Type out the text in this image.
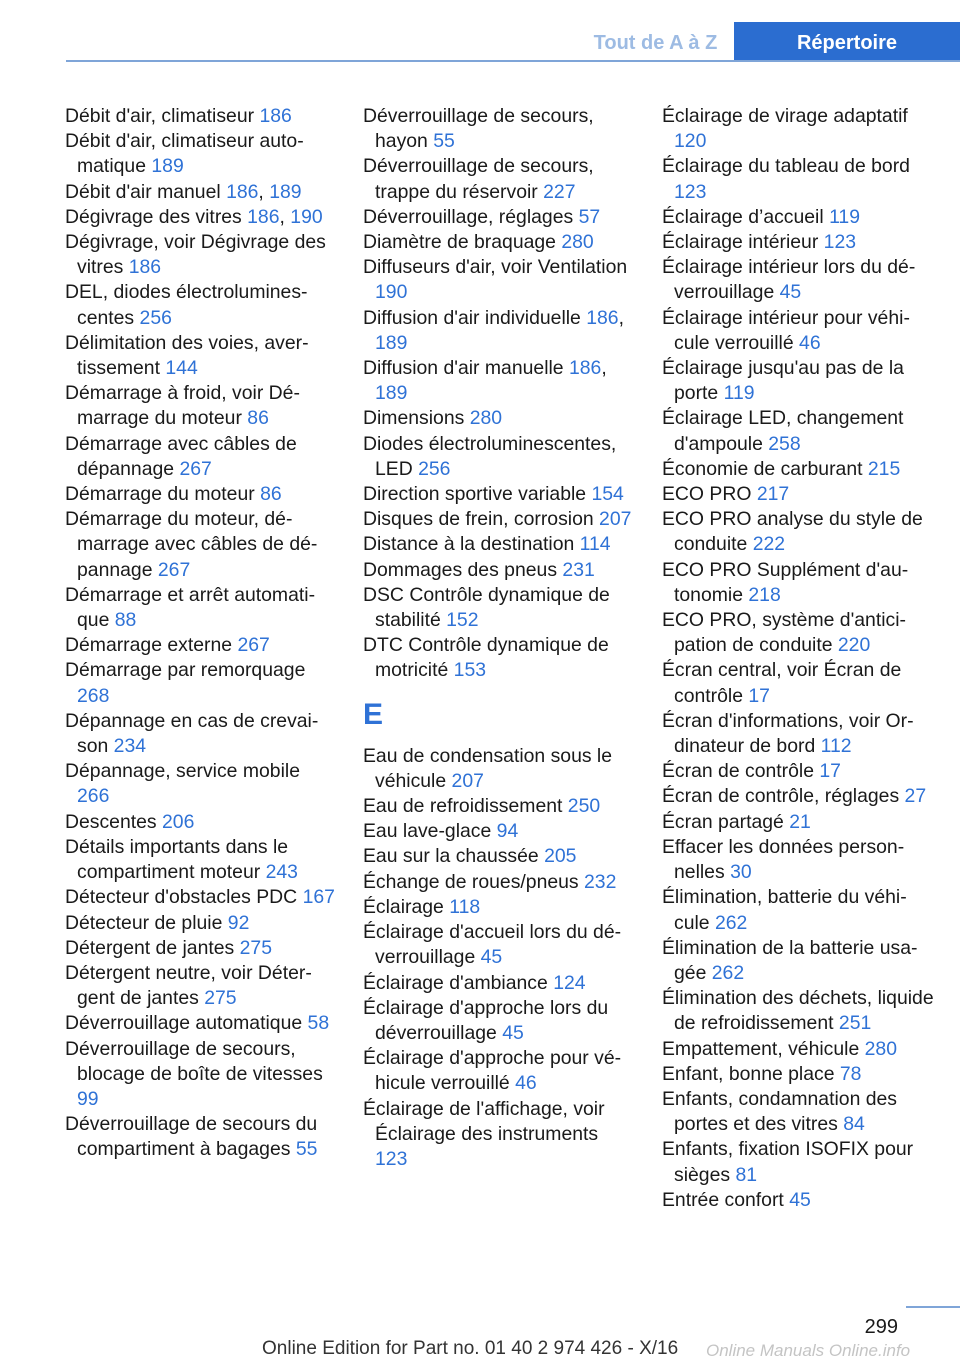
Tout de A à Z	Répertoire
Débit d'air, climatiseur 186
Débit d'air, climatiseur automatique 189
Débit d'air manuel 186, 189
Dégivrage des vitres 186, 190
Dégivrage, voir Dégivrage des vitres 186
DEL, diodes électroluminescentes 256
Délimitation des voies, avertissement 144
Démarrage à froid, voir Démarrage du moteur 86
Démarrage avec câbles de dépannage 267
Démarrage du moteur 86
Démarrage du moteur, démarrage avec câbles de dépannage 267
Démarrage et arrêt automatique 88
Démarrage externe 267
Démarrage par remorquage 268
Dépannage en cas de crevaison 234
Dépannage, service mobile 266
Descentes 206
Détails importants dans le compartiment moteur 243
Détecteur d'obstacles PDC 167
Détecteur de pluie 92
Détergent de jantes 275
Détergent neutre, voir Détergent de jantes 275
Déverrouillage automatique 58
Déverrouillage de secours, blocage de boîte de vitesses 99
Déverrouillage de secours du compartiment à bagages 55
Déverrouillage de secours, hayon 55
Déverrouillage de secours, trappe du réservoir 227
Déverrouillage, réglages 57
Diamètre de braquage 280
Diffuseurs d'air, voir Ventilation 190
Diffusion d'air individuelle 186, 189
Diffusion d'air manuelle 186, 189
Dimensions 280
Diodes électroluminescentes, LED 256
Direction sportive variable 154
Disques de frein, corrosion 207
Distance à la destination 114
Dommages des pneus 231
DSC Contrôle dynamique de stabilité 152
DTC Contrôle dynamique de motricité 153
E
Eau de condensation sous le véhicule 207
Eau de refroidissement 250
Eau lave-glace 94
Eau sur la chaussée 205
Échange de roues/pneus 232
Éclairage 118
Éclairage d'accueil lors du déverrouillage 45
Éclairage d'ambiance 124
Éclairage d'approche lors du déverrouillage 45
Éclairage d'approche pour véhicule verrouillé 46
Éclairage de l'affichage, voir Éclairage des instruments 123
Éclairage de virage adaptatif 120
Éclairage du tableau de bord 123
Éclairage d’accueil 119
Éclairage intérieur 123
Éclairage intérieur lors du déverrouillage 45
Éclairage intérieur pour véhicule verrouillé 46
Éclairage jusqu'au pas de la porte 119
Éclairage LED, changement d'ampoule 258
Économie de carburant 215
ECO PRO 217
ECO PRO analyse du style de conduite 222
ECO PRO Supplément d'autonomie 218
ECO PRO, système d'anticipation de conduite 220
Écran central, voir Écran de contrôle 17
Écran d'informations, voir Ordinateur de bord 112
Écran de contrôle 17
Écran de contrôle, réglages 27
Écran partagé 21
Effacer les données personnelles 30
Élimination, batterie du véhicule 262
Élimination de la batterie usagée 262
Élimination des déchets, liquide de refroidissement 251
Empattement, véhicule 280
Enfant, bonne place 78
Enfants, condamnation des portes et des vitres 84
Enfants, fixation ISOFIX pour sièges 81
Entrée confort 45
299
Online Edition for Part no. 01 40 2 974 426 - X/16 Online Manuals Online.info
